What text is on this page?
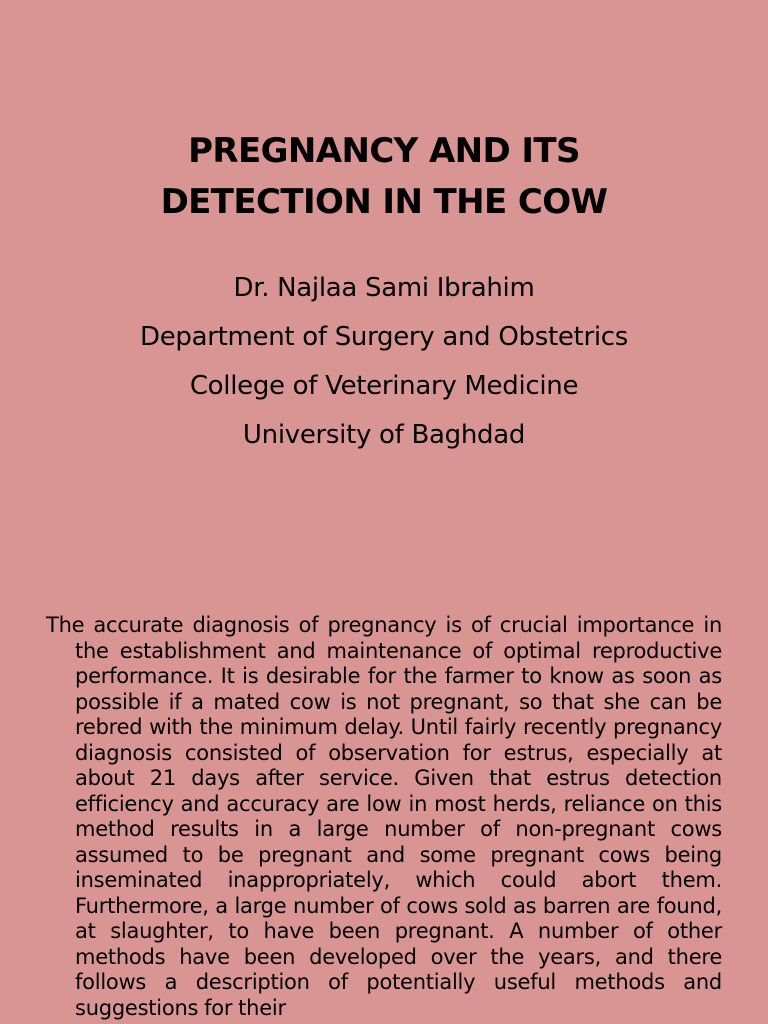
PREGNANCY AND ITS
DETECTION IN THE COW
Dr. Najlaa Sami Ibrahim
Department of Surgery and Obstetrics
College of Veterinary Medicine
University of Baghdad
The accurate diagnosis of pregnancy is of crucial importance in the establishment and maintenance of optimal reproductive performance. It is desirable for the farmer to know as soon as possible if a mated cow is not pregnant, so that she can be rebred with the minimum delay. Until fairly recently pregnancy diagnosis consisted of observation for estrus, especially at about 21 days after service. Given that estrus detection efficiency and accuracy are low in most herds, reliance on this method results in a large number of non-pregnant cows assumed to be pregnant and some pregnant cows being inseminated inappropriately, which could abort them. Furthermore, a large number of cows sold as barren are found, at slaughter, to have been pregnant. A number of other methods have been developed over the years, and there follows a description of potentially useful methods and suggestions for their
